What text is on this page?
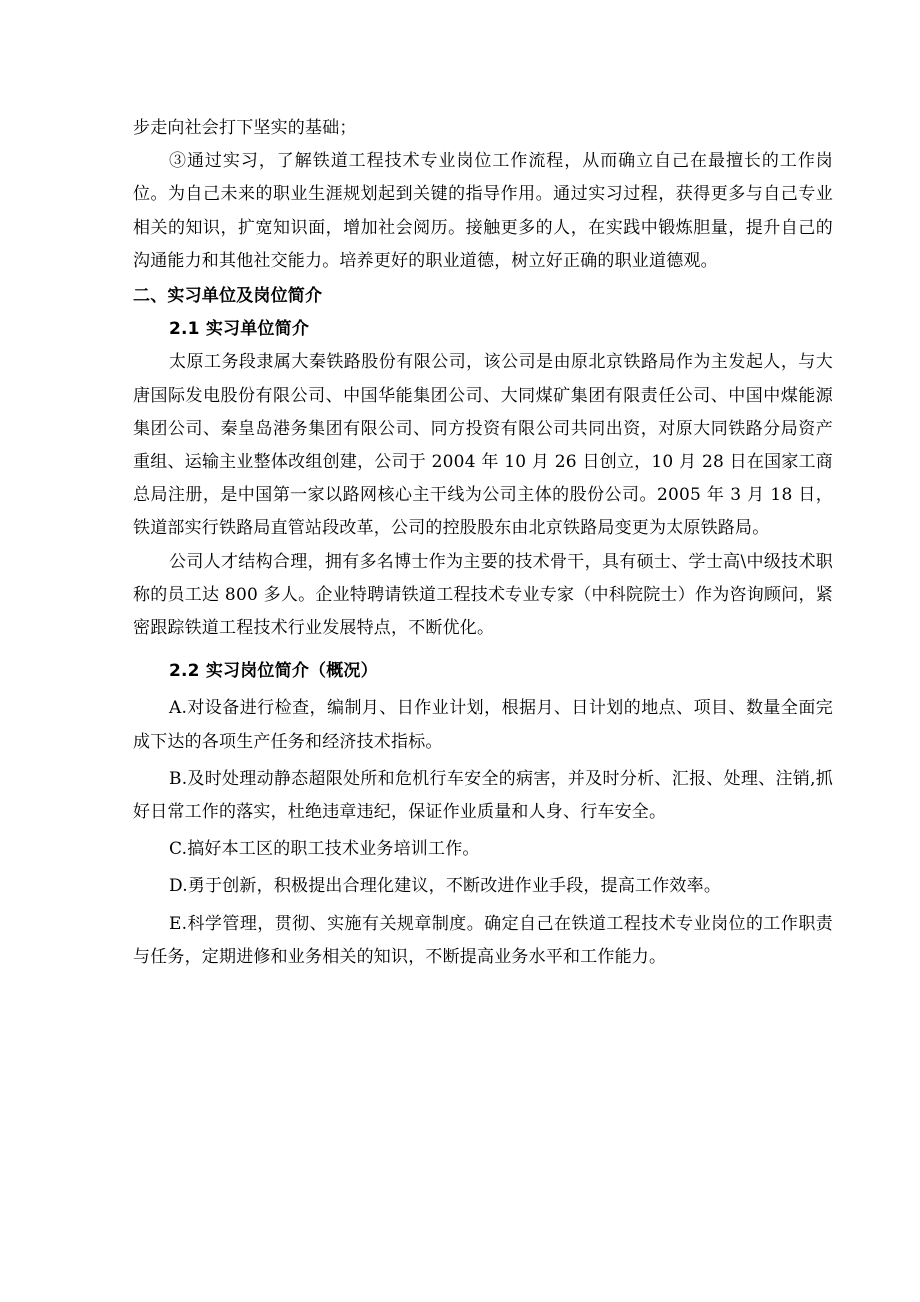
步走向社会打下坚实的基础；

③通过实习，了解铁道工程技术专业岗位工作流程，从而确立自己在最擅长的工作岗位。为自己未来的职业生涯规划起到关键的指导作用。通过实习过程，获得更多与自己专业相关的知识，扩宽知识面，增加社会阅历。接触更多的人，在实践中锻炼胆量，提升自己的沟通能力和其他社交能力。培养更好的职业道德，树立好正确的职业道德观。

二、实习单位及岗位简介

2.1 实习单位简介

太原工务段隶属大秦铁路股份有限公司，该公司是由原北京铁路局作为主发起人，与大唐国际发电股份有限公司、中国华能集团公司、大同煤矿集团有限责任公司、中国中煤能源集团公司、秦皇岛港务集团有限公司、同方投资有限公司共同出资，对原大同铁路分局资产重组、运输主业整体改组创建，公司于 2004 年 10 月 26 日创立，10 月 28 日在国家工商总局注册，是中国第一家以路网核心主干线为公司主体的股份公司。2005 年 3 月 18 日，铁道部实行铁路局直管站段改革，公司的控股股东由北京铁路局变更为太原铁路局。

公司人才结构合理，拥有多名博士作为主要的技术骨干，具有硕士、学士高\中级技术职称的员工达 800 多人。企业特聘请铁道工程技术专业专家（中科院院士）作为咨询顾问，紧密跟踪铁道工程技术行业发展特点，不断优化。

2.2 实习岗位简介（概况）

A.对设备进行检查，编制月、日作业计划，根据月、日计划的地点、项目、数量全面完成下达的各项生产任务和经济技术指标。

B.及时处理动静态超限处所和危机行车安全的病害，并及时分析、汇报、处理、注销,抓好日常工作的落实，杜绝违章违纪，保证作业质量和人身、行车安全。

C.搞好本工区的职工技术业务培训工作。

D.勇于创新，积极提出合理化建议，不断改进作业手段，提高工作效率。

E.科学管理，贯彻、实施有关规章制度。确定自己在铁道工程技术专业岗位的工作职责与任务，定期进修和业务相关的知识，不断提高业务水平和工作能力。
